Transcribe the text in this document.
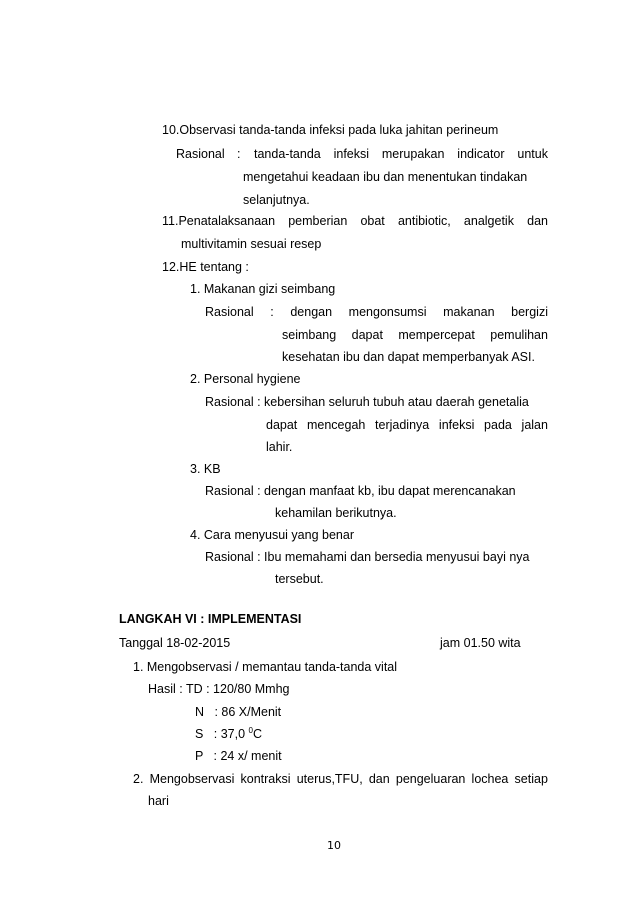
10.Observasi tanda-tanda infeksi pada luka jahitan perineum
Rasional : tanda-tanda infeksi merupakan indicator untuk
mengetahui keadaan ibu dan menentukan tindakan
selanjutnya.
11.Penatalaksanaan pemberian obat antibiotic, analgetik dan
multivitamin sesuai resep
12.HE tentang :
1. Makanan gizi seimbang
Rasional : dengan mengonsumsi makanan bergizi
seimbang dapat mempercepat pemulihan
kesehatan ibu dan dapat memperbanyak ASI.
2. Personal hygiene
Rasional : kebersihan seluruh tubuh atau daerah genetalia
dapat mencegah terjadinya infeksi pada jalan
lahir.
3. KB
Rasional : dengan manfaat kb, ibu dapat merencanakan
kehamilan berikutnya.
4. Cara menyusui yang benar
Rasional : Ibu memahami dan bersedia menyusui bayi nya
tersebut.
LANGKAH VI : IMPLEMENTASI
Tanggal 18-02-2015	jam 01.50 wita
1. Mengobservasi / memantau tanda-tanda vital
Hasil : TD : 120/80 Mmhg
N   : 86 X/Menit
S   : 37,0 $^0$C
P   : 24 x/ menit
2. Mengobservasi kontraksi uterus,TFU, dan pengeluaran lochea setiap
hari
10
